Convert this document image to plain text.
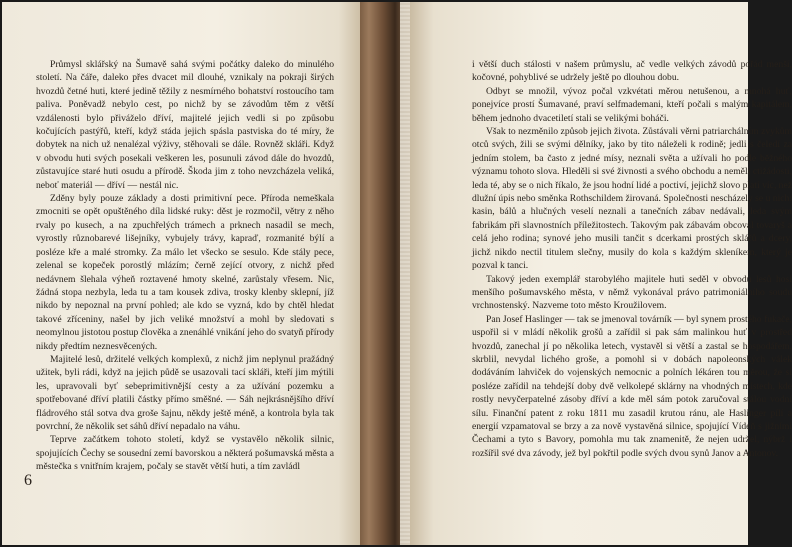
Průmysl sklářský na Šumavě sahá svými počátky daleko do minulého století. Na čáře, daleko přes dvacet mil dlouhé, vznikaly na pokraji širých hvozdů četné huti, které jedině těžily z nesmírného bohatství rostoucího tam paliva. Poněvadž nebylo cest, po nichž by se závodům těm z větší vzdálenosti bylo přiváželo dříví, majitelé jejich vedli si po způsobu kočujících pastýřů, kteří, když stáda jejich spásla pastviska do té míry, že dobytek na nich už nenalézal výživy, stěhovali se dále. Rovněž skláři. Když v obvodu huti svých posekali veškeren les, posunuli závod dále do hvozdů, zůstavujíce staré huti osudu a přírodě. Škoda jim z toho nevzcházela veliká, neboť materiál — dříví — nestál nic.

Zděny byly pouze základy a dosti primitivní pece. Příroda nemeškala zmocniti se opět opuštěného díla lidské ruky: děst je rozmočil, větry z něho rvaly po kusech, a na zpuchřelých trámech a prknech nasadil se mech, vyrostly různobarevé lišejníky, vybujely trávy, kapraď, rozmanité býlí a posléze kře a malé stromky. Za málo let všecko se sesulo. Kde stály pece, zelenal se kopeček porostlý mlázím; černě zející otvory, z nichž před nedávnem šlehala výheň roztavené hmoty skelné, zarůstaly vřesem. Nic, žádná stopa nezbyla, leda tu a tam kousek zdiva, trosky klenby sklepní, jíž nikdo by nepoznal na první pohled; ale kdo se vyzná, kdo by chtěl hledat takové zříceniny, našel by jich veliké množství a mohl by sledovati s neomylnou jistotou postup člověka a znenáhlé vnikání jeho do svatyň přírody nikdy předtím neznesvěcených.

Majitelé lesů, držitelé velkých komplexů, z nichž jim neplynul pražádný užitek, byli rádi, když na jejich půdě se usazovali tací skláři, kteří jim mýtili les, upravovali byť sebeprimitivnější cesty a za užívání pozemku a spotřebované dříví platili částky přímo směšné. — Sáh nejkrásnějšího dříví fládrového stál sotva dva groše šajnu, někdy ještě méně, a kontrola byla tak povrchní, že několik set sáhů dříví nepadalo na váhu.

Teprve začátkem tohoto století, když se vystavělo několik silnic, spojujících Čechy se sousední zemí bavorskou a některá pošumavská města a městečka s vnitřním krajem, počaly se stavět větší huti, a tím zavládl

6

i větší duch stálosti v našem průmyslu, ač vedle velkých závodů pořád menší, kočovné, pohyblivé se udržely ještě po dlouhou dobu.

Odbyt se množil, vývoz počal vzkvétati měrou netušenou, a mnohá huť, ponejvíce prostí Šumavané, praví selfmademani, kteří počali s malým kapitálem, během jednoho dvacetiletí stali se velikými boháči.

Však to nezměnilo způsob jejich života. Zůstávali věrni patriarchálním zvykům otců svých, žili se svými dělníky, jako by tito náleželi k rodině; jedli s čeledí za jedním stolem, ba často z jedné mísy, neznali světa a užívali ho podle běžného významu tohoto slova. Hleděli si své živnosti a svého obchodu a neměli ctižádosti, leda té, aby se o nich říkalo, že jsou hodní lidé a poctiví, jejichž slovo platí víc, než dlužní úpis nebo směnka Rothschildem žirovaná. Společnosti nescházely se u nich: kasin, bálů a hlučných veselí neznali a tanečních zábav nedávali, leda svým fabrikám při slavnostních příležitostech. Takovým pak zábavám obcoval tovaryš a celá jeho rodina; synové jeho musili tančit s dcerkami prostých sklářů a dcery, jichž nikdo nectil titulem slečny, musily do kola s každým skleníkem, který je pozval k tanci.

Takový jeden exemplář starobylého majitele huti seděl v obvodu lesů hosi menšího pošumavského města, v němž vykonával právo patrimoniálního soudu vrchnostenský. Nazveme toto město Kroužilovem.

Pan Josef Haslinger — tak se jmenoval továrník — byl synem prostého fukače, uspořil si v mládí několik grošů a zařídil si pak sám malinkou huť v prostřed hvozdů, zanechal jí po několika letech, vystavěl si větší a zastal se hospodářem, skrblil, nevydal lichého groše, a pomohl si v dobách napoleonských válek dodáváním lahviček do vojenských nemocnic a polních lékáren tou měrou, že si posléze zařídil na tehdejší doby dvě velkolepé sklárny na vhodných místech, kde rostly nevyčerpatelné zásoby dříví a kde měl sám potok zaručoval stálou vodní sílu. Finanční patent z roku 1811 mu zasadil krutou ránu, ale Haslinger pílí a energií vzpamatoval se brzy a za nově vystavěná silnice, spojující Vídeň s jižními Čechami a tyto s Bavory, pomohla mu tak znamenitě, že nejen udržel, nýbrž i rozšířil své dva závody, jež byl pokřtil podle svých dvou synů Janov a Antonov.
